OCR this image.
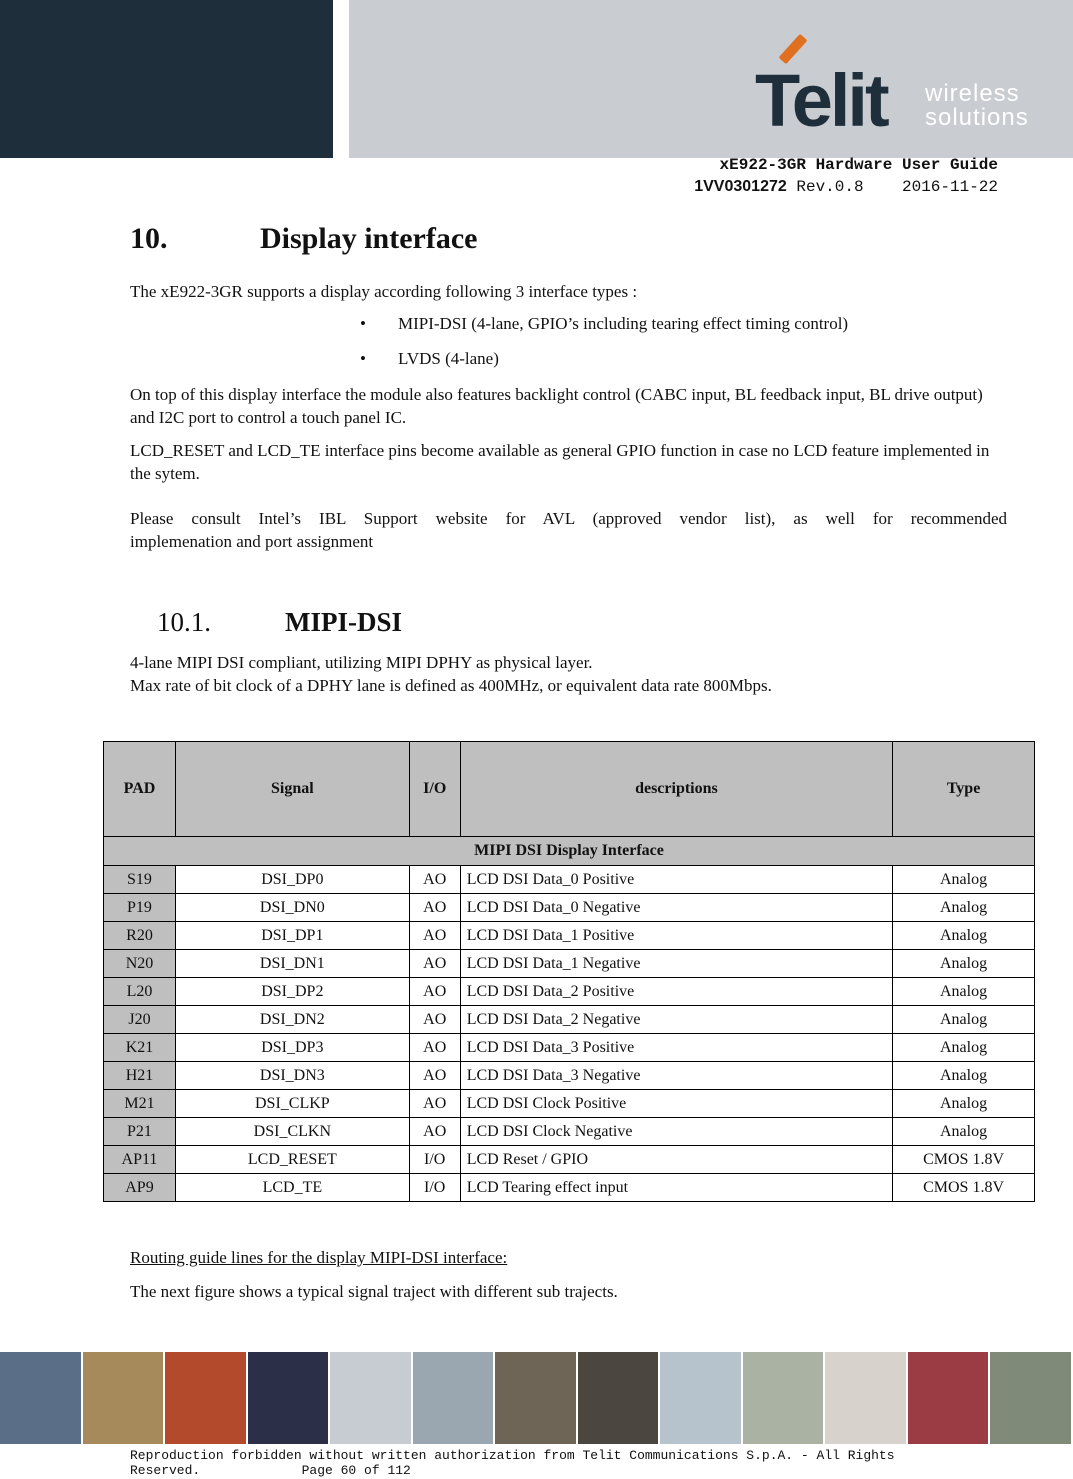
Telit wireless
solutions
xE922-3GR Hardware User Guide
1VV0301272 Rev.0.8    2016-11-22
10.	Display interface
The xE922-3GR supports a display according following 3 interface types :
• MIPI-DSI (4-lane, GPIO’s including tearing effect timing control)
• LVDS (4-lane)
On top of this display interface the module also features backlight control (CABC input, BL feedback input, BL drive output) and I2C port to control a touch panel IC.
LCD_RESET and LCD_TE interface pins become available as general GPIO function in case no LCD feature implemented in the sytem.
Please consult Intel’s IBL Support website for AVL (approved vendor list), as well for recommended
implemenation and port assignment
10.1.	MIPI-DSI
4-lane MIPI DSI compliant, utilizing MIPI DPHY as physical layer.
Max rate of bit clock of a DPHY lane is defined as 400MHz, or equivalent data rate 800Mbps.
PAD	Signal	I/O	descriptions	Type
MIPI DSI Display Interface				
S19	DSI_DP0	AO	LCD DSI Data_0 Positive	Analog
P19	DSI_DN0	AO	LCD DSI Data_0 Negative	Analog
R20	DSI_DP1	AO	LCD DSI Data_1 Positive	Analog
N20	DSI_DN1	AO	LCD DSI Data_1 Negative	Analog
L20	DSI_DP2	AO	LCD DSI Data_2 Positive	Analog
J20	DSI_DN2	AO	LCD DSI Data_2 Negative	Analog
K21	DSI_DP3	AO	LCD DSI Data_3 Positive	Analog
H21	DSI_DN3	AO	LCD DSI Data_3 Negative	Analog
M21	DSI_CLKP	AO	LCD DSI Clock Positive	Analog
P21	DSI_CLKN	AO	LCD DSI Clock Negative	Analog
AP11	LCD_RESET	I/O	LCD Reset / GPIO	CMOS 1.8V
AP9	LCD_TE	I/O	LCD Tearing effect input	CMOS 1.8V
Routing guide lines for the display MIPI-DSI interface:
The next figure shows a typical signal traject with different sub trajects.
Reproduction forbidden without written authorization from Telit Communications S.p.A. - All Rights
Reserved.             Page 60 of 112
